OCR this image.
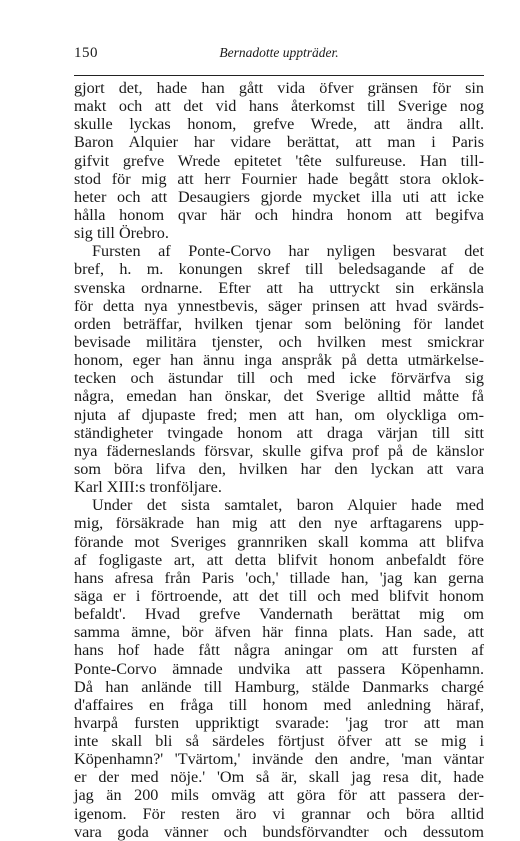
150	Bernadotte uppträder.
gjort det, hade han gått vida öfver gränsen för sin
makt och att det vid hans återkomst till Sverige nog
skulle lyckas honom, grefve Wrede, att ändra allt.
Baron Alquier har vidare berättat, att man i Paris
gifvit grefve Wrede epitetet 'tête sulfureuse. Han till-
stod för mig att herr Fournier hade begått stora oklok-
heter och att Desaugiers gjorde mycket illa uti att icke
hålla honom qvar här och hindra honom att begifva
sig till Örebro.
Fursten af Ponte-Corvo har nyligen besvarat det
bref, h. m. konungen skref till beledsagande af de
svenska ordnarne. Efter att ha uttryckt sin erkänsla
för detta nya ynnestbevis, säger prinsen att hvad svärds-
orden beträffar, hvilken tjenar som belöning för landet
bevisade militära tjenster, och hvilken mest smickrar
honom, eger han ännu inga anspråk på detta utmärkelse-
tecken och ästundar till och med icke förvärfva sig
några, emedan han önskar, det Sverige alltid måtte få
njuta af djupaste fred; men att han, om olyckliga om-
ständigheter tvingade honom att draga värjan till sitt
nya fäderneslands försvar, skulle gifva prof på de känslor
som böra lifva den, hvilken har den lyckan att vara
Karl XIII:s tronföljare.
Under det sista samtalet, baron Alquier hade med
mig, försäkrade han mig att den nye arftagarens upp-
förande mot Sveriges grannriken skall komma att blifva
af fogligaste art, att detta blifvit honom anbefaldt före
hans afresa från Paris 'och,' tillade han, 'jag kan gerna
säga er i förtroende, att det till och med blifvit honom
befaldt'. Hvad grefve Vandernath berättat mig om
samma ämne, bör äfven här finna plats. Han sade, att
hans hof hade fått några aningar om att fursten af
Ponte-Corvo ämnade undvika att passera Köpenhamn.
Då han anlände till Hamburg, stälde Danmarks chargé
d'affaires en fråga till honom med anledning häraf,
hvarpå fursten uppriktigt svarade: 'jag tror att man
inte skall bli så särdeles förtjust öfver att se mig i
Köpenhamn?' 'Tvärtom,' invände den andre, 'man väntar
er der med nöje.' 'Om så är, skall jag resa dit, hade
jag än 200 mils omväg att göra för att passera der-
igenom. För resten äro vi grannar och böra alltid
vara goda vänner och bundsförvandter och dessutom
